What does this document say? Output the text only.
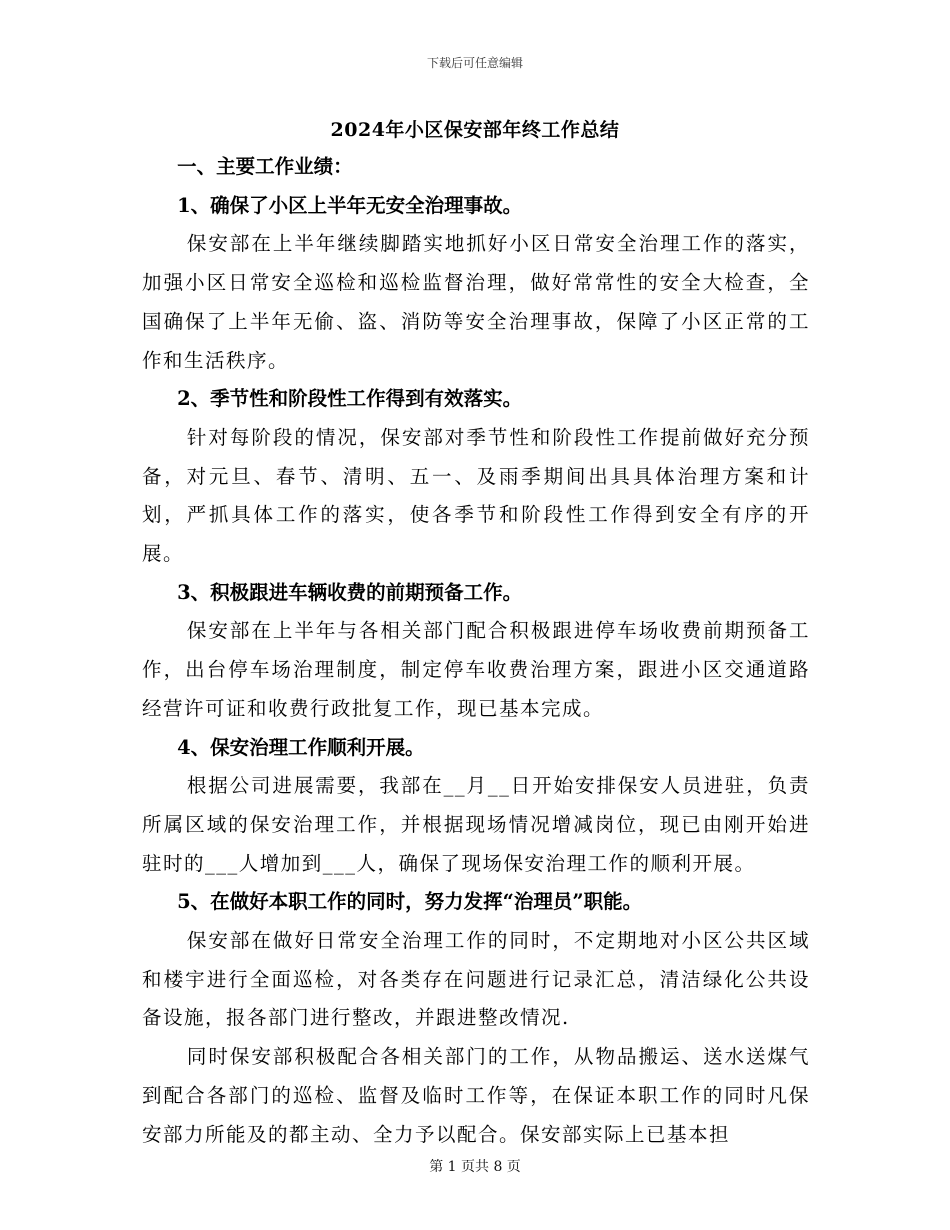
下载后可任意编辑
2024年小区保安部年终工作总结

一、主要工作业绩：

1、确保了小区上半年无安全治理事故。

保安部在上半年继续脚踏实地抓好小区日常安全治理工作的落实，加强小区日常安全巡检和巡检监督治理，做好常常性的安全大检查，全国确保了上半年无偷、盗、消防等安全治理事故，保障了小区正常的工作和生活秩序。

2、季节性和阶段性工作得到有效落实。

针对每阶段的情况，保安部对季节性和阶段性工作提前做好充分预备，对元旦、春节、清明、五一、及雨季期间出具具体治理方案和计划，严抓具体工作的落实，使各季节和阶段性工作得到安全有序的开展。

3、积极跟进车辆收费的前期预备工作。

保安部在上半年与各相关部门配合积极跟进停车场收费前期预备工作，出台停车场治理制度，制定停车收费治理方案，跟进小区交通道路经营许可证和收费行政批复工作，现已基本完成。

4、保安治理工作顺利开展。

根据公司进展需要，我部在__月__日开始安排保安人员进驻，负责所属区域的保安治理工作，并根据现场情况增减岗位，现已由刚开始进驻时的___人增加到___人，确保了现场保安治理工作的顺利开展。

5、在做好本职工作的同时，努力发挥“治理员”职能。

保安部在做好日常安全治理工作的同时，不定期地对小区公共区域和楼宇进行全面巡检，对各类存在问题进行记录汇总，清洁绿化公共设备设施，报各部门进行整改，并跟进整改情况.

同时保安部积极配合各相关部门的工作，从物品搬运、送水送煤气到配合各部门的巡检、监督及临时工作等，在保证本职工作的同时凡保安部力所能及的都主动、全力予以配合。保安部实际上已基本担

第 1 页共 8 页
